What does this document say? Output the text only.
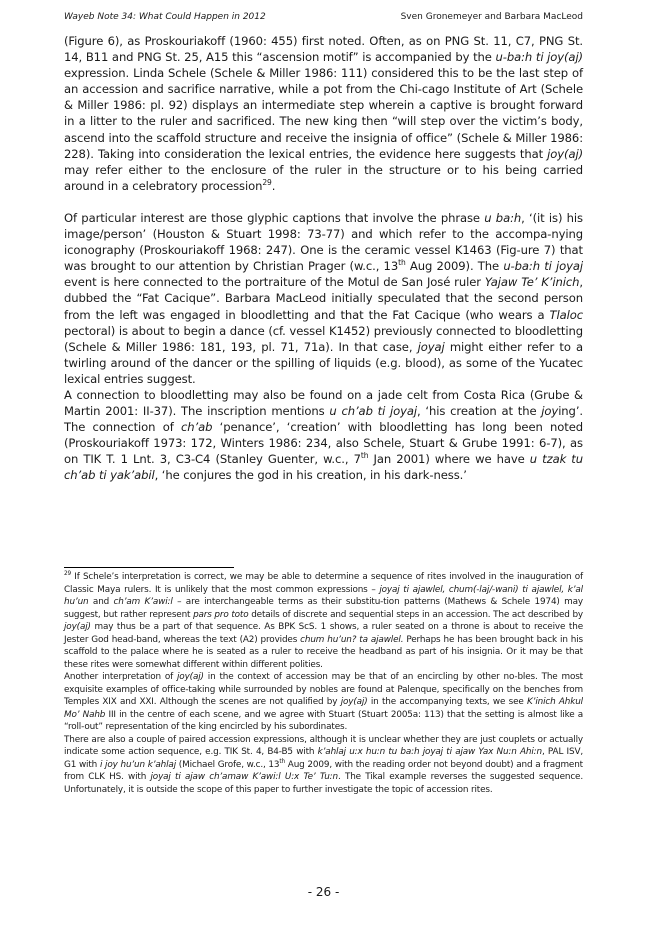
Wayeb Note 34: What Could Happen in 2012	Sven Gronemeyer and Barbara MacLeod

(Figure 6), as Proskouriakoff (1960: 455) first noted. Often, as on PNG St. 11, C7, PNG St. 14, B11 and PNG St. 25, A15 this “ascension motif” is accompanied by the u-ba:h ti joy(aj) expression. Linda Schele (Schele & Miller 1986: 111) considered this to be the last step of an accession and sacrifice narrative, while a pot from the Chi-cago Institute of Art (Schele & Miller 1986: pl. 92) displays an intermediate step wherein a captive is brought forward in a litter to the ruler and sacrificed. The new king then “will step over the victim’s body, ascend into the scaffold structure and receive the insignia of office” (Schele & Miller 1986: 228). Taking into consideration the lexical entries, the evidence here suggests that joy(aj) may refer either to the enclosure of the ruler in the structure or to his being carried around in a celebratory procession$^{29}$.

Of particular interest are those glyphic captions that involve the phrase u ba:h, ‘(it is) his image/person’ (Houston & Stuart 1998: 73-77) and which refer to the accompa-nying iconography (Proskouriakoff 1968: 247). One is the ceramic vessel K1463 (Fig-ure 7) that was brought to our attention by Christian Prager (w.c., 13th Aug 2009). The u-ba:h ti joyaj event is here connected to the portraiture of the Motul de San José ruler Yajaw Te’ K’inich, dubbed the “Fat Cacique”. Barbara MacLeod initially speculated that the second person from the left was engaged in bloodletting and that the Fat Cacique (who wears a Tlaloc pectoral) is about to begin a dance (cf. vessel K1452) previously connected to bloodletting (Schele & Miller 1986: 181, 193, pl. 71, 71a). In that case, joyaj might either refer to a twirling around of the dancer or the spilling of liquids (e.g. blood), as some of the Yucatec lexical entries suggest.

A connection to bloodletting may also be found on a jade celt from Costa Rica (Grube & Martin 2001: II-37). The inscription mentions u ch’ab ti joyaj, ‘his creation at the joying’. The connection of ch’ab ‘penance’, ‘creation’ with bloodletting has long been noted (Proskouriakoff 1973: 172, Winters 1986: 234, also Schele, Stuart & Grube 1991: 6-7), as on TIK T. 1 Lnt. 3, C3-C4 (Stanley Guenter, w.c., 7th Jan 2001) where we have u tzak tu ch’ab ti yak’abil, ‘he conjures the god in his creation, in his dark-ness.’

$^{29}$ If Schele’s interpretation is correct, we may be able to determine a sequence of rites involved in the inauguration of Classic Maya rulers. It is unlikely that the most common expressions – joyaj ti ajawlel, chum(-laj/-wani) ti ajawlel, k’al hu’un and ch’am K’awi:l – are interchangeable terms as their substitu-tion patterns (Mathews & Schele 1974) may suggest, but rather represent pars pro toto details of discrete and sequential steps in an accession. The act described by joy(aj) may thus be a part of that sequence. As BPK ScS. 1 shows, a ruler seated on a throne is about to receive the Jester God head-band, whereas the text (A2) provides chum hu’un? ta ajawlel. Perhaps he has been brought back in his scaffold to the palace where he is seated as a ruler to receive the headband as part of his insignia. Or it may be that these rites were somewhat different within different polities.

Another interpretation of joy(aj) in the context of accession may be that of an encircling by other no-bles. The most exquisite examples of office-taking while surrounded by nobles are found at Palenque, specifically on the benches from Temples XIX and XXI. Although the scenes are not qualified by joy(aj) in the accompanying texts, we see K’inich Ahkul Mo’ Nahb III in the centre of each scene, and we agree with Stuart (Stuart 2005a: 113) that the setting is almost like a “roll-out” representation of the king encircled by his subordinates.

There are also a couple of paired accession expressions, although it is unclear whether they are just couplets or actually indicate some action sequence, e.g. TIK St. 4, B4-B5 with k’ahlaj u:x hu:n tu ba:h joyaj ti ajaw Yax Nu:n Ahi:n, PAL ISV, G1 with i joy hu’un k’ahlaj (Michael Grofe, w.c., 13th Aug 2009, with the reading order not beyond doubt) and a fragment from CLK HS. with joyaj ti ajaw ch’amaw K’awi:l U:x Te’ Tu:n. The Tikal example reverses the suggested sequence. Unfortunately, it is outside the scope of this paper to further investigate the topic of accession rites.

- 26 -
